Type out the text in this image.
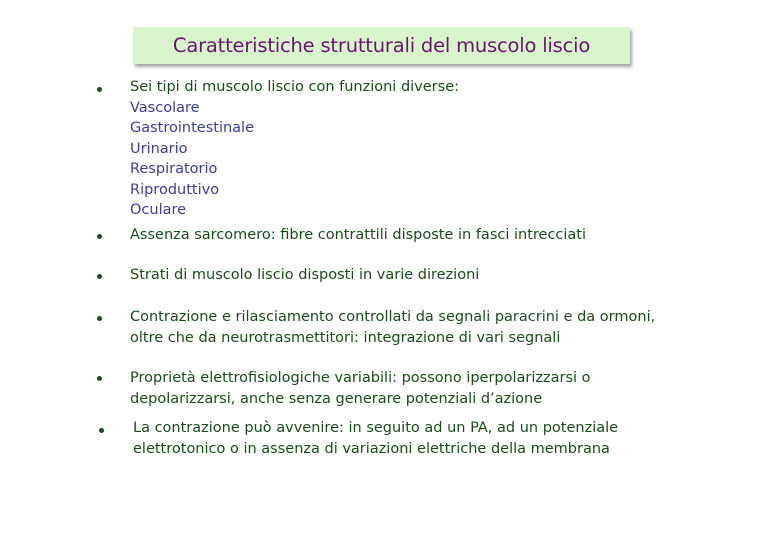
Caratteristiche strutturali del muscolo liscio
Sei tipi di muscolo liscio con funzioni diverse:
Vascolare
Gastrointestinale
Urinario
Respiratorio
Riproduttivo
Oculare
Assenza sarcomero: fibre contrattili disposte in fasci intrecciati
Strati di muscolo liscio disposti in varie direzioni
Contrazione e rilasciamento controllati da segnali paracrini e da ormoni,
oltre che da neurotrasmettitori: integrazione di vari segnali
Proprietà elettrofisiologiche variabili: possono iperpolarizzarsi o
depolarizzarsi, anche senza generare potenziali d’azione
La contrazione può avvenire: in seguito ad un PA, ad un potenziale
elettrotonico o in assenza di variazioni elettriche della membrana
